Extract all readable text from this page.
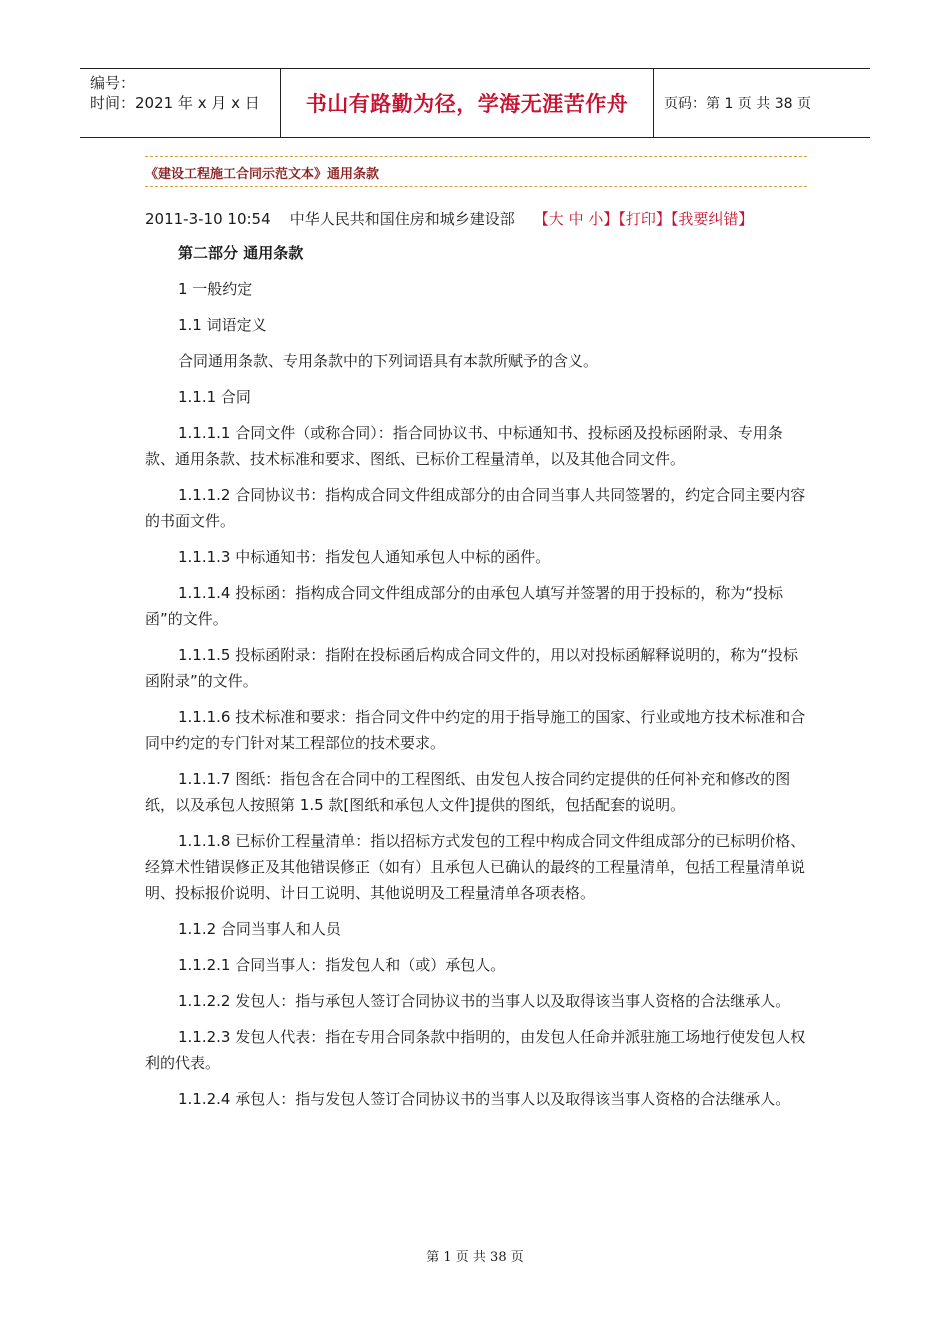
编号：
时间：2021 年 x 月 x 日 书山有路勤为径，学海无涯苦作舟	页码：第 1 页 共 38 页
《建设工程施工合同示范文本》通用条款
2011-3-10 10:54 中华人民共和国住房和城乡建设部 【大 中 小】【打印】【我要纠错】

第二部分 通用条款

1 一般约定

1.1 词语定义

合同通用条款、专用条款中的下列词语具有本款所赋予的含义。

1.1.1 合同

1.1.1.1 合同文件（或称合同）：指合同协议书、中标通知书、投标函及投标函附录、专用条款、通用条款、技术标准和要求、图纸、已标价工程量清单，以及其他合同文件。

1.1.1.2 合同协议书：指构成合同文件组成部分的由合同当事人共同签署的，约定合同主要内容的书面文件。

1.1.1.3 中标通知书：指发包人通知承包人中标的函件。

1.1.1.4 投标函：指构成合同文件组成部分的由承包人填写并签署的用于投标的，称为“投标函”的文件。

1.1.1.5 投标函附录：指附在投标函后构成合同文件的，用以对投标函解释说明的，称为“投标函附录”的文件。

1.1.1.6 技术标准和要求：指合同文件中约定的用于指导施工的国家、行业或地方技术标准和合同中约定的专门针对某工程部位的技术要求。

1.1.1.7 图纸：指包含在合同中的工程图纸、由发包人按合同约定提供的任何补充和修改的图纸，以及承包人按照第 1.5 款[图纸和承包人文件]提供的图纸，包括配套的说明。

1.1.1.8 已标价工程量清单：指以招标方式发包的工程中构成合同文件组成部分的已标明价格、经算术性错误修正及其他错误修正（如有）且承包人已确认的最终的工程量清单，包括工程量清单说明、投标报价说明、计日工说明、其他说明及工程量清单各项表格。

1.1.2 合同当事人和人员

1.1.2.1 合同当事人：指发包人和（或）承包人。

1.1.2.2 发包人：指与承包人签订合同协议书的当事人以及取得该当事人资格的合法继承人。

1.1.2.3 发包人代表：指在专用合同条款中指明的，由发包人任命并派驻施工场地行使发包人权利的代表。

1.1.2.4 承包人：指与发包人签订合同协议书的当事人以及取得该当事人资格的合法继承人。

第 1 页 共 38 页
